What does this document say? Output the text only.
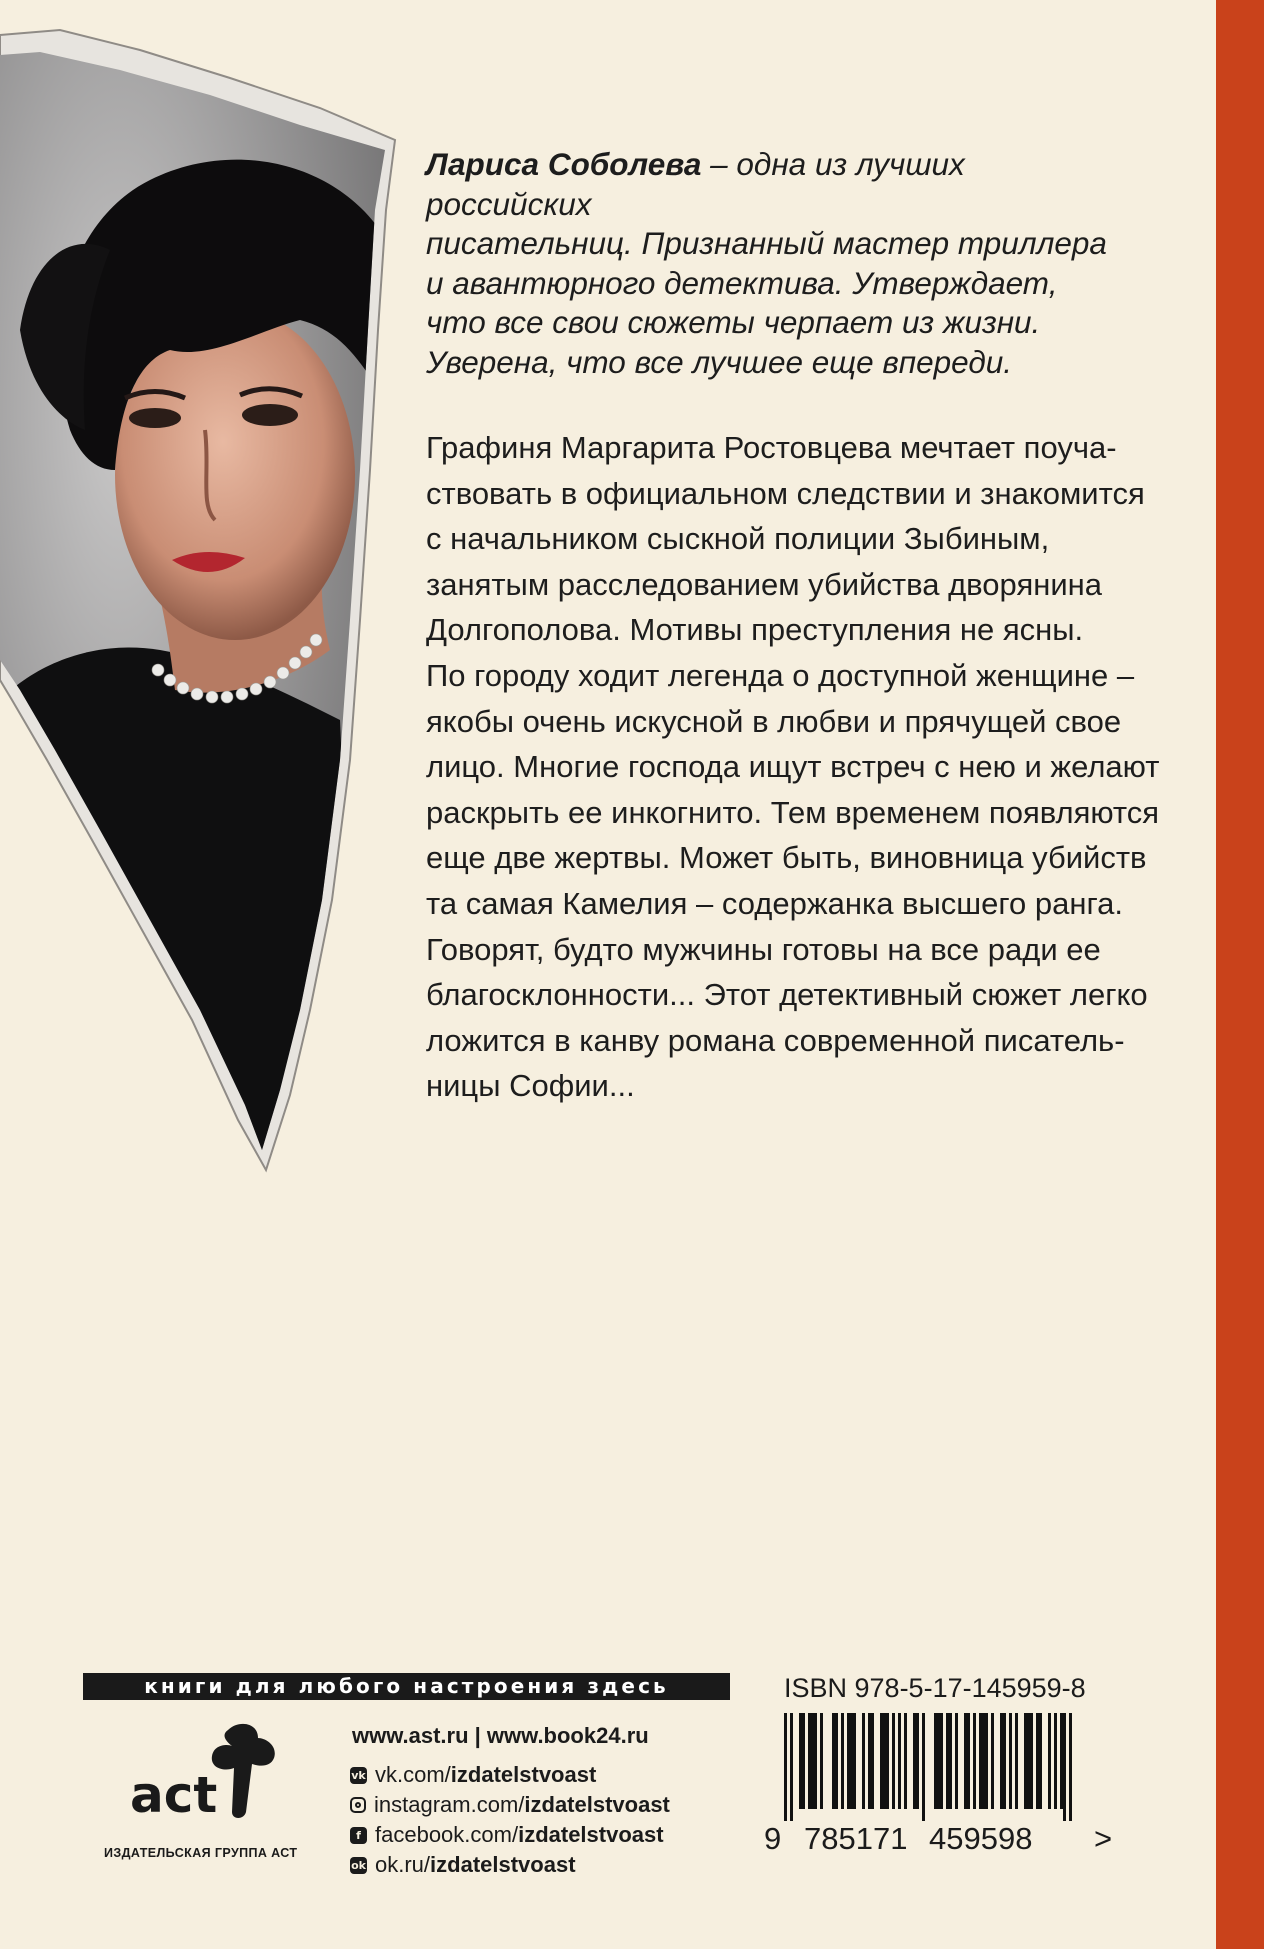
Лариса Соболева – одна из лучших российских
писательниц. Признанный мастер триллера
и авантюрного детектива. Утверждает,
что все свои сюжеты черпает из жизни.
Уверена, что все лучшее еще впереди.
Графиня Маргарита Ростовцева мечтает поуча-
ствовать в официальном следствии и знакомится
с начальником сыскной полиции Зыбиным,
занятым расследованием убийства дворянина
Долгополова. Мотивы преступления не ясны.
По городу ходит легенда о доступной женщине –
якобы очень искусной в любви и прячущей свое
лицо. Многие господа ищут встреч с нею и желают
раскрыть ее инкогнито. Тем временем появляются
еще две жертвы. Может быть, виновница убийств
та самая Камелия – содержанка высшего ранга.
Говорят, будто мужчины готовы на все ради ее
благосклонности... Этот детективный сюжет легко
ложится в канву романа современной писатель-
ницы Софии...
книги для любого настроения здесь
act
ИЗДАТЕЛЬСКАЯ ГРУППА АСТ
www.ast.ru | www.book24.ru
vk vk.com/ izdatelstvoast
instagram.com/ izdatelstvoast
f facebook.com/ izdatelstvoast
ok ok.ru/ izdatelstvoast
ISBN 978-5-17-145959-8
9 785171 459598 >
